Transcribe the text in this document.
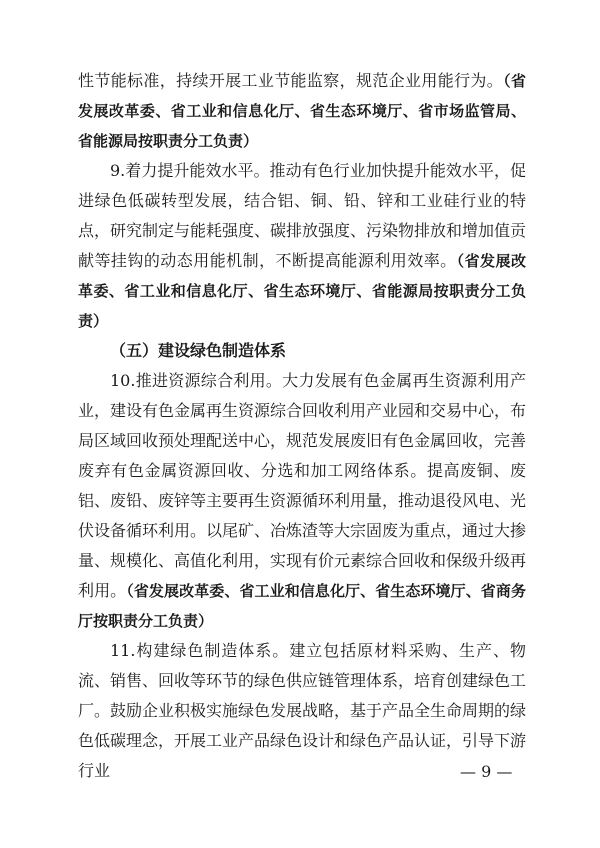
性节能标准，持续开展工业节能监察，规范企业用能行为。（省发展改革委、省工业和信息化厅、省生态环境厅、省市场监管局、省能源局按职责分工负责）

9.着力提升能效水平。推动有色行业加快提升能效水平，促进绿色低碳转型发展，结合铝、铜、铅、锌和工业硅行业的特点，研究制定与能耗强度、碳排放强度、污染物排放和增加值贡献等挂钩的动态用能机制，不断提高能源利用效率。（省发展改革委、省工业和信息化厅、省生态环境厅、省能源局按职责分工负责）

（五）建设绿色制造体系

10.推进资源综合利用。大力发展有色金属再生资源利用产业，建设有色金属再生资源综合回收利用产业园和交易中心，布局区域回收预处理配送中心，规范发展废旧有色金属回收，完善废弃有色金属资源回收、分选和加工网络体系。提高废铜、废铝、废铅、废锌等主要再生资源循环利用量，推动退役风电、光伏设备循环利用。以尾矿、冶炼渣等大宗固废为重点，通过大掺量、规模化、高值化利用，实现有价元素综合回收和保级升级再利用。（省发展改革委、省工业和信息化厅、省生态环境厅、省商务厅按职责分工负责）

11.构建绿色制造体系。建立包括原材料采购、生产、物流、销售、回收等环节的绿色供应链管理体系，培育创建绿色工厂。鼓励企业积极实施绿色发展战略，基于产品全生命周期的绿色低碳理念，开展工业产品绿色设计和绿色产品认证，引导下游行业	— 9 —
